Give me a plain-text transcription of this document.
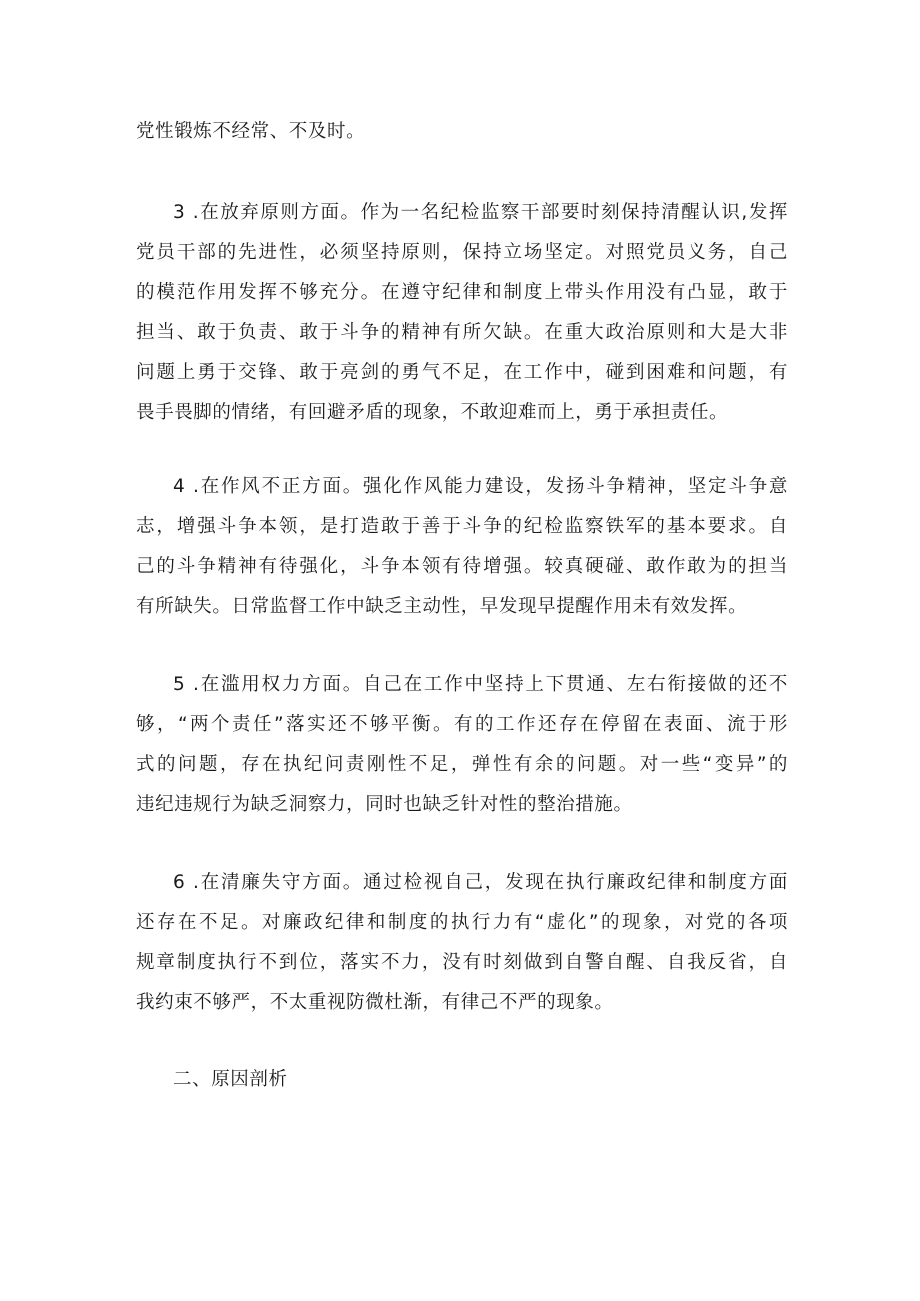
党性锻炼不经常、不及时。
3 .在放弃原则方面。作为一名纪检监察干部要时刻保持清醒认识,发挥
党员干部的先进性，必须坚持原则，保持立场坚定。对照党员义务，自己
的模范作用发挥不够充分。在遵守纪律和制度上带头作用没有凸显，敢于
担当、敢于负责、敢于斗争的精神有所欠缺。在重大政治原则和大是大非
问题上勇于交锋、敢于亮剑的勇气不足，在工作中，碰到困难和问题，有
畏手畏脚的情绪，有回避矛盾的现象，不敢迎难而上，勇于承担责任。
4 .在作风不正方面。强化作风能力建设，发扬斗争精神，坚定斗争意
志，增强斗争本领，是打造敢于善于斗争的纪检监察铁军的基本要求。自
己的斗争精神有待强化，斗争本领有待增强。较真硬碰、敢作敢为的担当
有所缺失。日常监督工作中缺乏主动性，早发现早提醒作用未有效发挥。
5 .在滥用权力方面。自己在工作中坚持上下贯通、左右衔接做的还不
够，“两个责任”落实还不够平衡。有的工作还存在停留在表面、流于形
式的问题，存在执纪问责刚性不足，弹性有余的问题。对一些“变异”的
违纪违规行为缺乏洞察力，同时也缺乏针对性的整治措施。
6 .在清廉失守方面。通过检视自己，发现在执行廉政纪律和制度方面
还存在不足。对廉政纪律和制度的执行力有“虚化”的现象，对党的各项
规章制度执行不到位，落实不力，没有时刻做到自警自醒、自我反省，自
我约束不够严，不太重视防微杜渐，有律己不严的现象。
二、原因剖析
